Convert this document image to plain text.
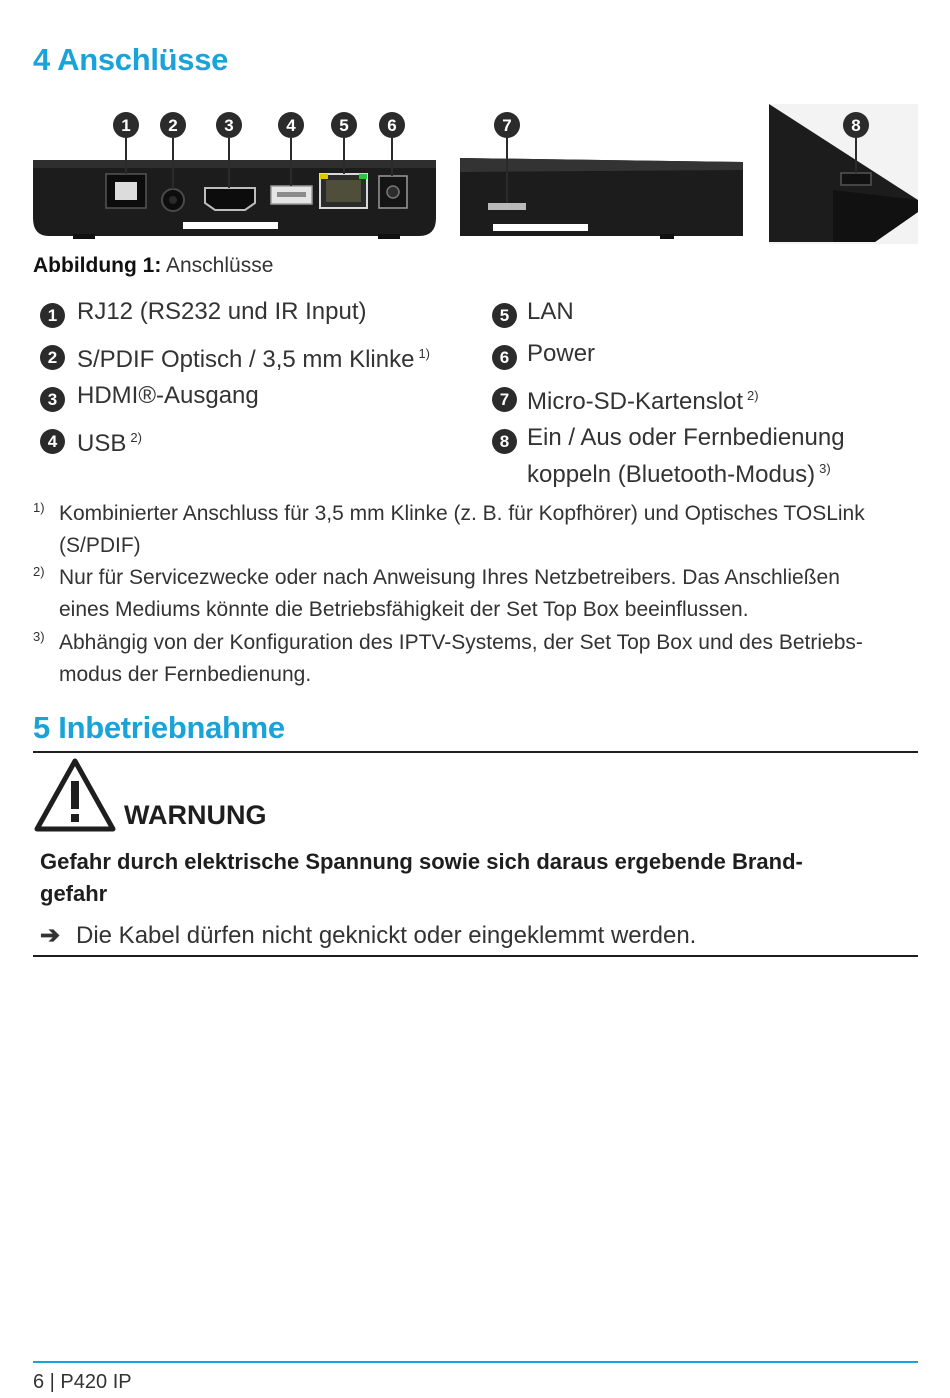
4 Anschlüsse
1 2	3	4	5 6	7	8
Abbildung 1: Anschlüsse
1 RJ12 (RS232 und IR Input)
2 S/PDIF Optisch / 3,5 mm Klinke $^{1)}$
3 HDMI®-Ausgang
4 USB $^{2)}$
5 LAN
6 Power
7 Micro-SD-Kartenslot $^{2)}$
8 Ein / Aus oder Fernbedienung
koppeln (Bluetooth-Modus) $^{3)}$
1) Kombinierter Anschluss für 3,5 mm Klinke (z. B. für Kopfhörer) und Optisches TOSLink
(S/PDIF)
2) Nur für Servicezwecke oder nach Anweisung Ihres Netzbetreibers. Das Anschließen
eines Mediums könnte die Betriebsfähigkeit der Set Top Box beeinflussen.
3) Abhängig von der Konfiguration des IPTV-Systems, der Set Top Box und des Betriebs-
modus der Fernbedienung.
5 Inbetriebnahme
WARNUNG
Gefahr durch elektrische Spannung sowie sich daraus ergebende Brand-
gefahr
➔ Die Kabel dürfen nicht geknickt oder eingeklemmt werden.
6 | P420 IP
